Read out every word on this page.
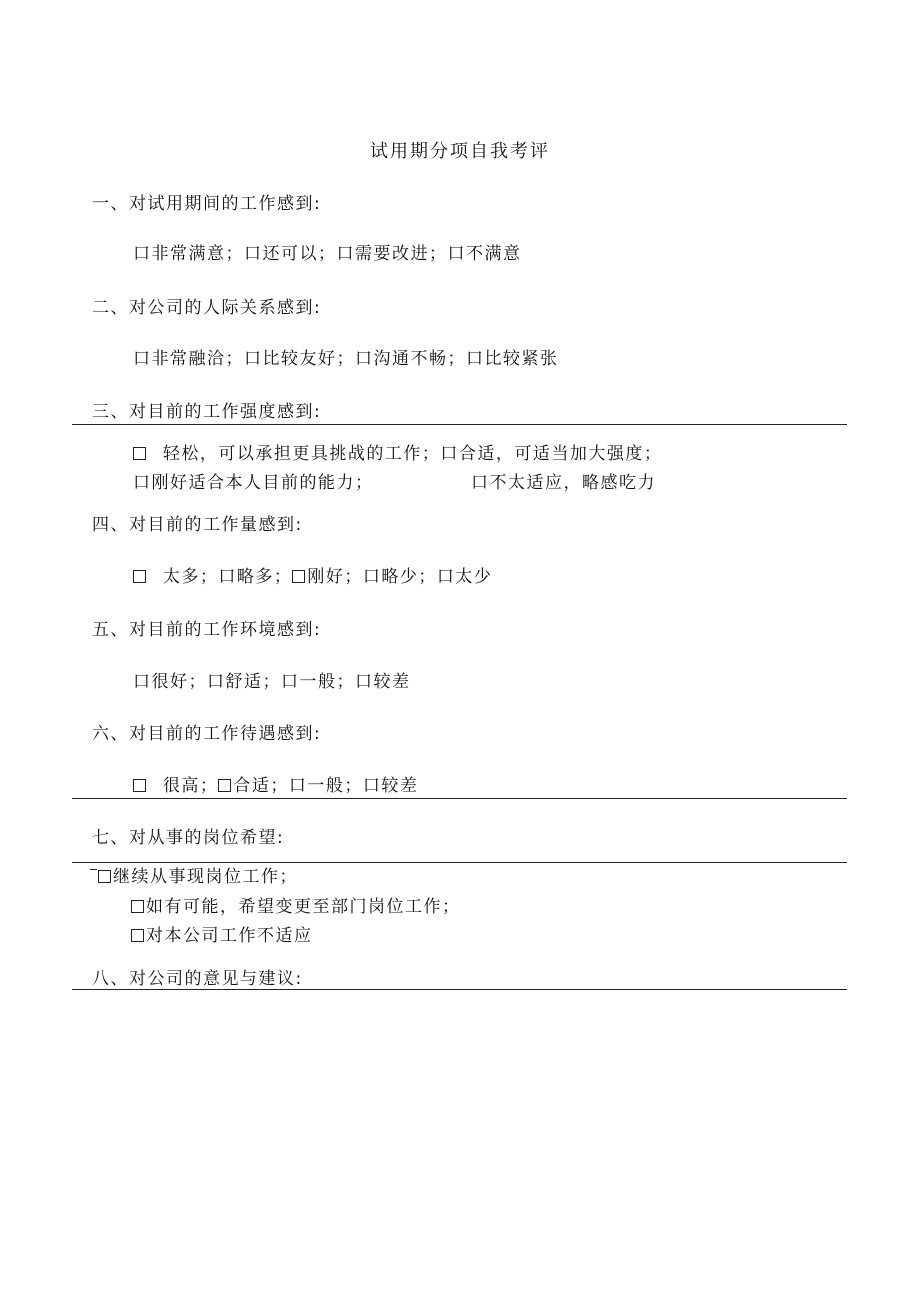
试用期分项自我考评
一、对试用期间的工作感到:
口非常满意；口还可以；口需要改进；口不满意
二、对公司的人际关系感到:
口非常融洽；口比较友好；口沟通不畅；口比较紧张
三、对目前的工作强度感到:
轻松，可以承担更具挑战的工作；口合适，可适当加大强度；
口刚好适合本人目前的能力；	口不太适应，略感吃力
四、对目前的工作量感到:
太多；口略多； 刚好；口略少；口太少
五、对目前的工作环境感到:
口很好；口舒适；口一般；口较差
六、对目前的工作待遇感到:
很高； 合适；口一般；口较差
七、对从事的岗位希望:
继续从事现岗位工作；
如有可能，希望变更至部门岗位工作；
对本公司工作不适应
八、对公司的意见与建议:
